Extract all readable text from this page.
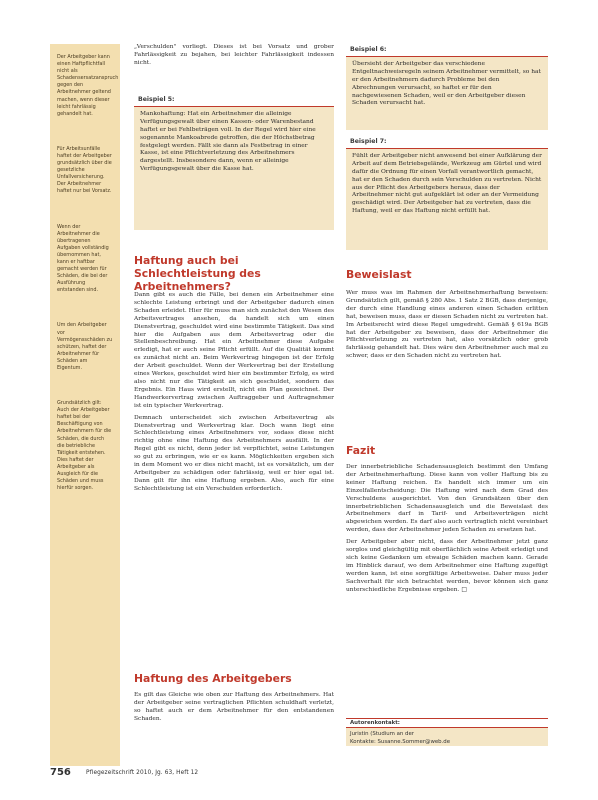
Der Arbeitgeber kann einen Haftpflichtfall nicht als Schadensersatzanspruch gegen den Arbeitnehmer geltend machen, wenn dieser leicht fahrlässig gehandelt hat.

Für Arbeitsunfälle haftet der Arbeitgeber grundsätzlich über die gesetzliche Unfallversicherung. Der Arbeitnehmer haftet nur bei Vorsatz.

Wenn der Arbeitnehmer die übertragenen Aufgaben vollständig übernommen hat, kann er haftbar gemacht werden für Schäden, die bei der Ausführung entstanden sind.

Um den Arbeitgeber vor Vermögensschäden zu schützen, haftet der Arbeitnehmer für Schäden am Eigentum.

Grundsätzlich gilt: Auch der Arbeitgeber haftet bei der Beschäftigung von Arbeitnehmern für die Schäden, die durch die betriebliche Tätigkeit entstehen. Dies haftet der Arbeitgeber als Ausgleich für die Schäden und muss hierfür sorgen.

„Verschulden" vorliegt. Dieses ist bei Vorsatz und grober Fahrlässigkeit zu bejahen, bei leichter Fahrlässigkeit indessen nicht.

Beispiel 5:
Mankohaftung: Hat ein Arbeitnehmer die alleinige Verfügungsgewalt über einen Kassen- oder Warenbestand haftet er bei Fehlbeträgen voll. In der Regel wird hier eine sogenannte Mankoabrede getroffen, die der Höchstbetrag festgelegt werden. Fällt sie dann als Festbetrag in einer Kasse, ist eine Pflichtverletzung des Arbeitnehmers dargestellt. Insbesondere dann, wenn er alleinige Verfügungsgewalt über die Kasse hat.
Haftung auch bei Schlechtleistung des Arbeitnehmers?

Dann gibt es auch die Fälle, bei denen ein Arbeitnehmer eine schlechte Leistung erbringt und der Arbeitgeber dadurch einen Schaden erleidet. Hier für muss man sich zunächst den Wesen des Arbeitsvertrages ansehen, da handelt sich um einen Dienstvertrag, geschuldet wird eine bestimmte Tätigkeit. Das sind hier die Aufgaben aus dem Arbeitsvertrag oder die Stellenbeschreibung. Hat ein Arbeitnehmer diese Aufgabe erledigt, hat er auch seine Pflicht erfüllt. Auf die Qualität kommt es zunächst nicht an. Beim Werkvertrag hingegen ist der Erfolg der Arbeit geschuldet. Wenn der Werkvertrag bei der Erstellung eines Werkes, geschuldet wird hier ein bestimmter Erfolg, es wird also nicht nur die Tätigkeit an sich geschuldet, sondern das Ergebnis. Ein Haus wird erstellt, nicht ein Plan gezeichnet. Der Handwerkervertrag zwischen Auftraggeber und Auftragnehmer ist ein typischer Werkvertrag.

Demnach unterscheidet sich zwischen Arbeitsvertrag als Dienstvertrag und Werkvertrag klar. Doch wann liegt eine Schlechtleistung eines Arbeitnehmers vor, sodass diese nicht richtig ohne eine Haftung des Arbeitnehmers ausfällt. In der Regel gibt es nicht, denn jeder ist verpflichtet, seine Leistungen so gut zu erbringen, wie er es kann. Möglichkeiten ergeben sich in dem Moment wo er dies nicht macht, ist es vorsätzlich, um der Arbeitgeber zu schädigen oder fahrlässig, weil er hier egal ist. Dann gilt für ihn eine Haftung ergeben. Also, auch für eine Schlechtleistung ist ein Verschulden erforderlich.

Haftung des Arbeitgebers

Es gilt das Gleiche wie oben zur Haftung des Arbeitnehmers. Hat der Arbeitgeber seine vertraglichen Pflichten schuldhaft verletzt, so haftet auch er dem Arbeitnehmer für den entstandenen Schaden.

Beispiel 6:
Übersieht der Arbeitgeber das verschiedene Entgeltnachweisregeln seinem Arbeitnehmer vermittelt, so hat er den Arbeitnehmern dadurch Probleme bei den Abrechnungen verursacht, so haftet er für den nachgewiesenen Schaden, weil er den Arbeitgeber diesen Schaden verursacht hat.
Beispiel 7:
Fühlt der Arbeitgeber nicht anwesend bei einer Aufklärung der Arbeit auf dem Betriebsgelände, Werkzeug am Gürtel und wird dafür die Ordnung für einen Vorfall verantwortlich gemacht, hat er den Schaden durch sein Verschulden zu vertreten. Nicht aus der Pflicht des Arbeitgebers heraus, dass der Arbeitnehmer nicht gut aufgeklärt ist oder an der Vermeidung geschädigt wird. Der Arbeitgeber hat zu vertreten, dass die Haftung, weil er das Haftung nicht erfüllt hat.
Beweislast

Wer muss was im Rahmen der Arbeitnehmerhaftung beweisen: Grundsätzlich gilt, gemäß § 280 Abs. 1 Satz 2 BGB, dass derjenige, der durch eine Handlung eines anderen einen Schaden erlitten hat, beweisen muss, dass er diesen Schaden nicht zu vertreten hat. Im Arbeitsrecht wird diese Regel umgedreht. Gemäß § 619a BGB hat der Arbeitgeber zu beweisen, dass der Arbeitnehmer die Pflichtverletzung zu vertreten hat, also vorsätzlich oder grob fahrlässig gehandelt hat. Dies wäre den Arbeitnehmer auch mal zu schwer, dass er den Schaden nicht zu vertreten hat.

Fazit

Der innerbetriebliche Schadensausgleich bestimmt den Umfang der Arbeitnehmerhaftung. Diese kann von voller Haftung bis zu keiner Haftung reichen. Es handelt sich immer um ein Einzelfallentscheidung: Die Haftung wird nach dem Grad des Verschuldens ausgerichtet. Von den Grundsätzen über den innerbetrieblichen Schadensausgleich und die Beweislast des Arbeitnehmers darf in Tarif- und Arbeitsverträgen nicht abgewichen werden. Es darf also auch vertraglich nicht vereinbart werden, dass der Arbeitnehmer jeden Schaden zu ersetzen hat.

Der Arbeitgeber aber nicht, dass der Arbeitnehmer jetzt ganz sorglos und gleichgültig mit oberflächlich seine Arbeit erledigt und sich keine Gedanken um etwaige Schäden machen kann. Gerade im Hinblick darauf, wo dem Arbeitnehmer eine Haftung zugefügt werden kann, ist eine sorgfältige Arbeitsweise. Daher muss jeder Sachverhalt für sich betrachtet werden, bevor können sich ganz unterschiedliche Ergebnisse ergeben. □

Autorenkontakt:
Juristin (Studium an der
Kontakte: Susanne.Sommer@web.de
756	Pflegezeitschrift 2010, Jg. 63, Heft 12
